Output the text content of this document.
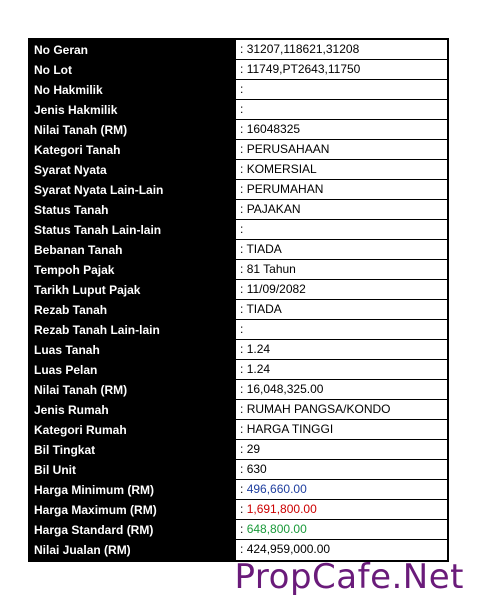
No Geran	: 31207,118621,31208
No Lot	: 11749,PT2643,11750
No Hakmilik	:
Jenis Hakmilik	:
Nilai Tanah (RM)	: 16048325
Kategori Tanah	: PERUSAHAAN
Syarat Nyata	: KOMERSIAL
Syarat Nyata Lain-Lain	: PERUMAHAN
Status Tanah	: PAJAKAN
Status Tanah Lain-lain	:
Bebanan Tanah	: TIADA
Tempoh Pajak	: 81 Tahun
Tarikh Luput Pajak	: 11/09/2082
Rezab Tanah	: TIADA
Rezab Tanah Lain-lain	:
Luas Tanah	: 1.24
Luas Pelan	: 1.24
Nilai Tanah (RM)	: 16,048,325.00
Jenis Rumah	: RUMAH PANGSA/KONDO
Kategori Rumah	: HARGA TINGGI
Bil Tingkat	: 29
Bil Unit	: 630
Harga Minimum (RM)	: 496,660.00
Harga Maximum (RM)	: 1,691,800.00
Harga Standard (RM)	: 648,800.00
Nilai Jualan (RM)	: 424,959,000.00
PropCafe.Net
